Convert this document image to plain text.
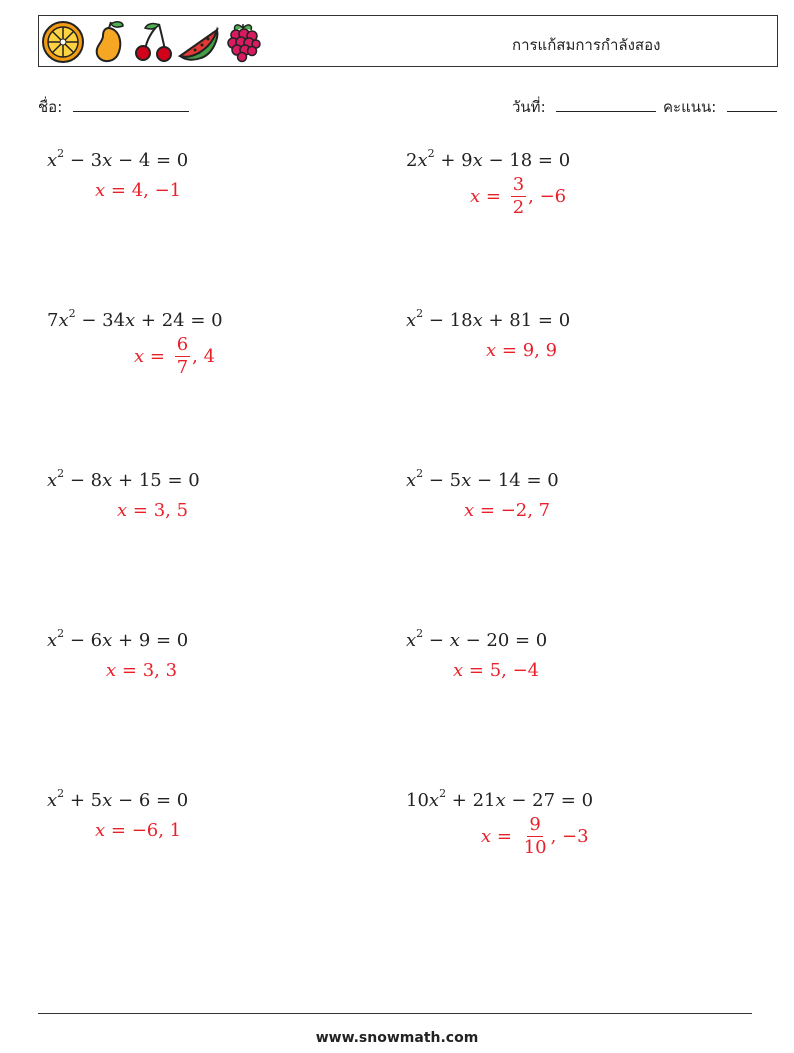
การแก้สมการกำลังสอง
ชื่อ:	วันที่:	คะแนน:
$x^2 - 3x - 4 = 0$
x = 4 , −1
$2x^2 + 9x - 18 = 0$
$x = \frac{3}{2}$ , −6
$7x^2 - 34x + 24 = 0$
$x = \frac{6}{7}$ , 4
$x^2 - 18x + 81 = 0$
x = 9 , 9
$x^2 - 8x + 15 = 0$
x = 3 , 5
$x^2 - 5x - 14 = 0$
x = −2 , 7
$x^2 - 6x + 9 = 0$
x = 3 , 3
$x^2 - x - 20 = 0$
x = 5 , −4
$x^2 + 5x - 6 = 0$
x = −6 , 1
$10x^2 + 21x - 27 = 0$
$x = \frac{9}{10}$ , −3
www.snowmath.com
